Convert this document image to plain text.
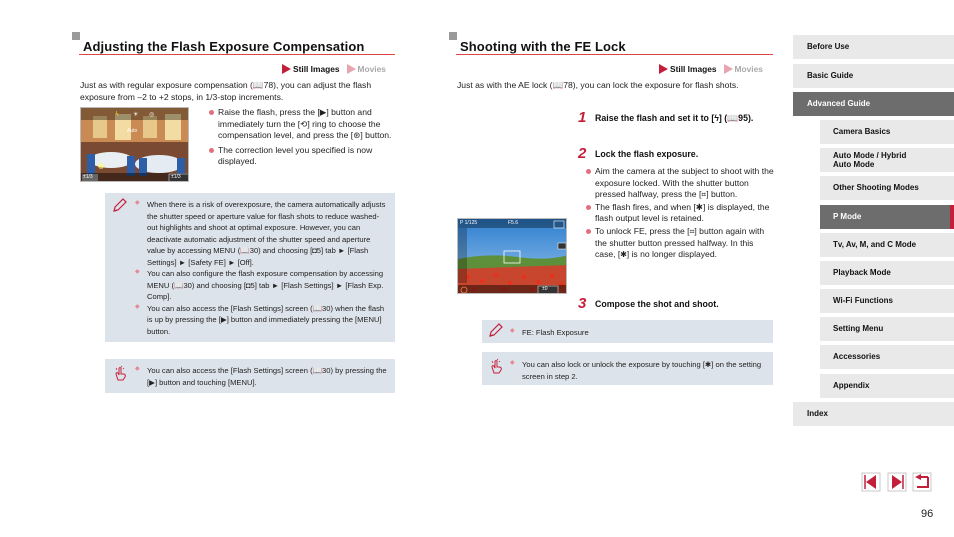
Adjusting the Flash Exposure Compensation
Still Images Movies
Just as with regular exposure compensation (📖78), you can adjust the flash exposure from –2 to +2 stops, in 1/3-stop increments.
ϟ ☀ ◎
Auto
±1/3	±1/3
Raise the flash, press the [▶] button and immediately turn the [⟲] ring to choose the compensation level, and press the [⊛] button.
The correction level you specified is now displayed.
◆ When there is a risk of overexposure, the camera automatically adjusts the shutter speed or aperture value for flash shots to reduce washed-out highlights and shoot at optimal exposure. However, you can deactivate automatic adjustment of the shutter speed and aperture value by accessing MENU (📖30) and choosing [◘5] tab ► [Flash Settings] ► [Safety FE] ► [Off].
◆ You can also configure the flash exposure compensation by accessing MENU (📖30) and choosing [◘5] tab ► [Flash Settings] ► [Flash Exp. Comp].
◆ You can also access the [Flash Settings] screen (📖30) when the flash is up by pressing the [▶] button and immediately pressing the [MENU] button.
◆ You can also access the [Flash Settings] screen (📖30) by pressing the [▶] button and touching [MENU].
Shooting with the FE Lock
Still Images Movies
Just as with the AE lock (📖78), you can lock the exposure for flash shots.
1 Raise the flash and set it to [ϟ] (📖95).
2 Lock the flash exposure.
Aim the camera at the subject to shoot with the exposure locked. With the shutter button pressed halfway, press the [⌗] button.
The flash fires, and when [✱] is displayed, the flash output level is retained.
To unlock FE, press the [⌗] button again with the shutter button pressed halfway. In this case, [✱] is no longer displayed.
P 1/125	F5.6
±0
3 Compose the shot and shoot.
◆ FE: Flash Exposure
◆ You can also lock or unlock the exposure by touching [✱] on the setting screen in step 2.
Before Use
Basic Guide
Advanced Guide
Camera Basics
Auto Mode / Hybrid Auto Mode
Other Shooting Modes
P Mode
Tv, Av, M, and C Mode
Playback Mode
Wi-Fi Functions
Setting Menu
Accessories
Appendix
Index
96
